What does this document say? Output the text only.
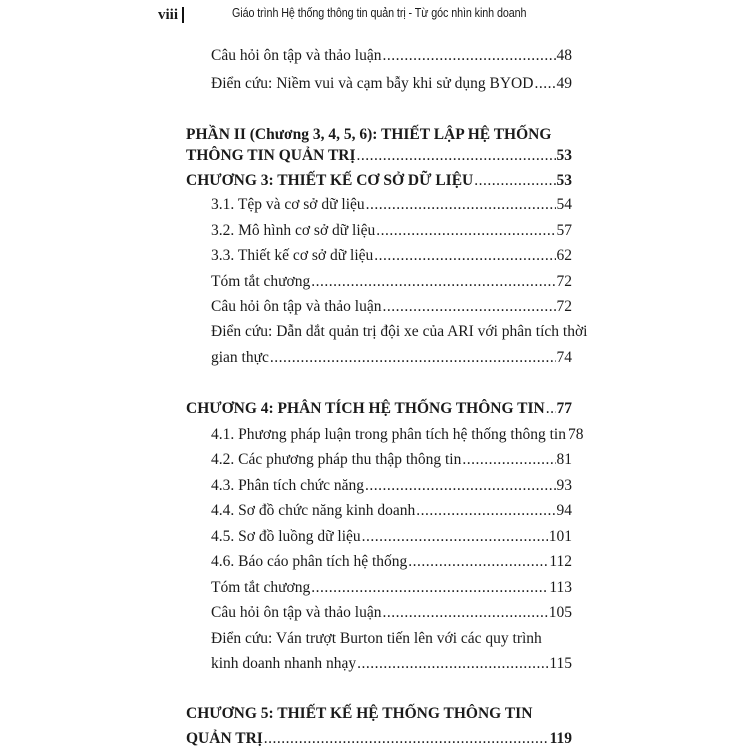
viii	Giáo trình Hệ thống thông tin quản trị - Từ góc nhìn kinh doanh
Câu hỏi ôn tập và thảo luận .....	48
Điển cứu: Niềm vui và cạm bẫy khi sử dụng BYOD ..... 49
PHẦN II (Chương 3, 4, 5, 6): THIẾT LẬP HỆ THỐNG
THÔNG TIN QUẢN TRỊ .....	53
CHƯƠNG 3: THIẾT KẾ CƠ SỞ DỮ LIỆU .....	53
3.1. Tệp và cơ sở dữ liệu .....	54
3.2. Mô hình cơ sở dữ liệu .....	57
3.3. Thiết kế cơ sở dữ liệu .....	62
Tóm tắt chương .....	72
Câu hỏi ôn tập và thảo luận .....	72
Điển cứu: Dẫn dắt quản trị đội xe của ARI với phân tích thời
gian thực .....	74
CHƯƠNG 4: PHÂN TÍCH HỆ THỐNG THÔNG TIN ..... 77
4.1. Phương pháp luận trong phân tích hệ thống thông tin 78
4.2. Các phương pháp thu thập thông tin .....	81
4.3. Phân tích chức năng .....	93
4.4. Sơ đồ chức năng kinh doanh .....	94
4.5. Sơ đồ luồng dữ liệu .....	101
4.6. Báo cáo phân tích hệ thống .....	112
Tóm tắt chương .....	113
Câu hỏi ôn tập và thảo luận .....	105
Điển cứu: Ván trượt Burton tiến lên với các quy trình
kinh doanh nhanh nhạy .....	115
CHƯƠNG 5: THIẾT KẾ HỆ THỐNG THÔNG TIN
QUẢN TRỊ .....	119
